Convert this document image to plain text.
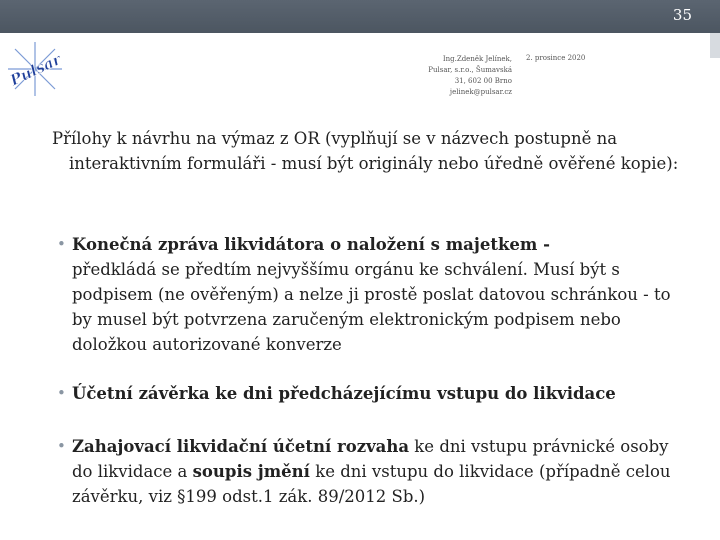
35
Pulsar	Ing.Zdeněk Jelínek,
Pulsar, s.r.o., Šumavská
31, 602 00 Brno
jelinek@pulsar.cz
2. prosince 2020
Přílohy k návrhu na výmaz z OR (vyplňují se v názvech postupně na
interaktivním formuláři - musí být originály nebo úředně ověřené kopie):
• Konečná zpráva likvidátora o naložení s majetkem -
předkládá se předtím nejvyššímu orgánu ke schválení. Musí být s podpisem (ne ověřeným) a nelze ji prostě poslat datovou schránkou - to by musel být potvrzena zaručeným elektronickým podpisem nebo doložkou autorizované konverze
• Účetní závěrka ke dni předcházejícímu vstupu do likvidace
• Zahajovací likvidační účetní rozvaha ke dni vstupu právnické osoby do likvidace a soupis jmění ke dni vstupu do likvidace (případně celou závěrku, viz §199 odst.1 zák. 89/2012 Sb.)
